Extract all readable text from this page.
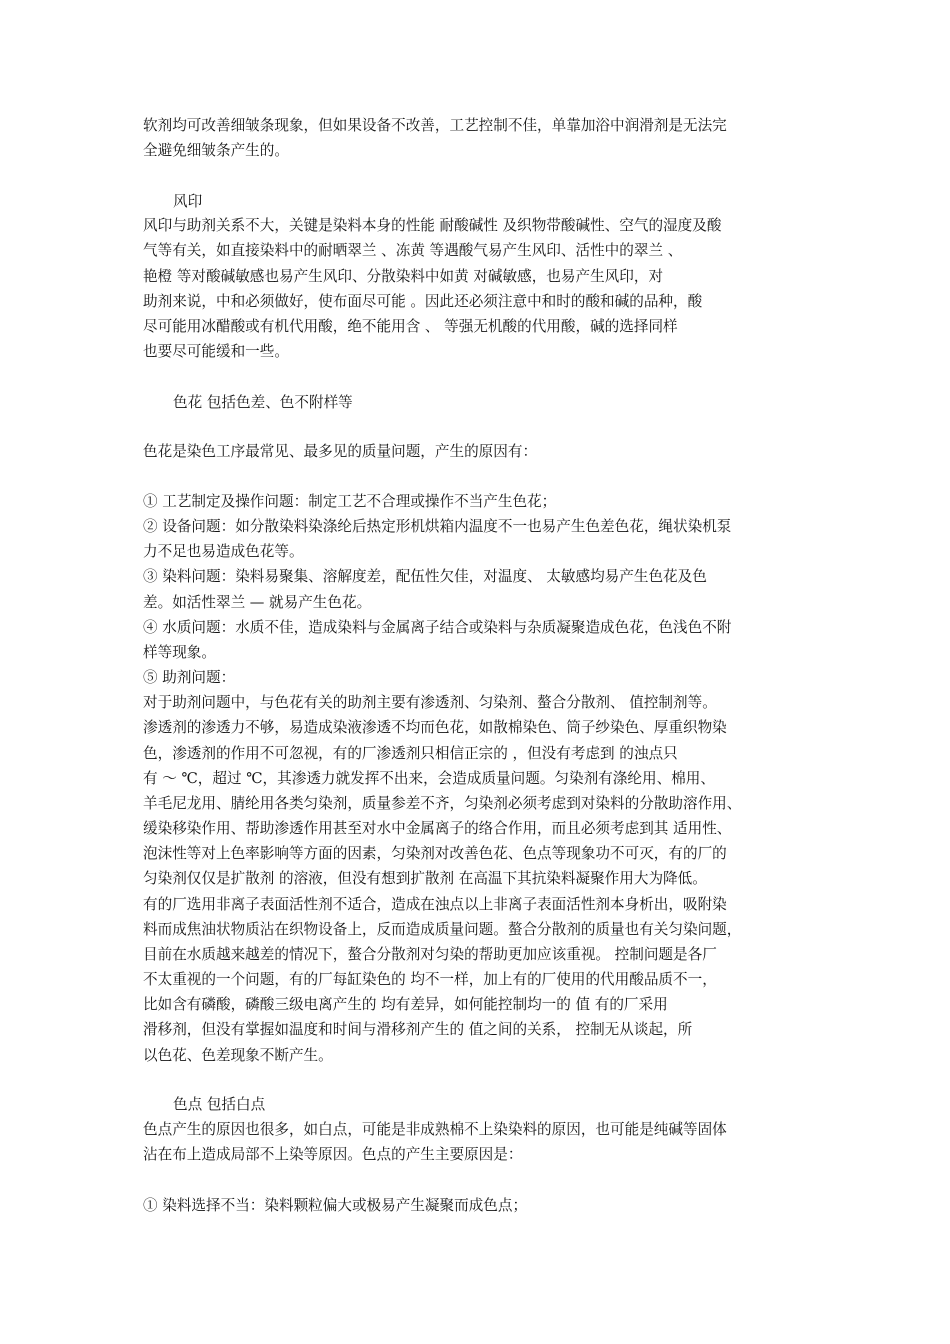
软剂均可改善细皱条现象，但如果设备不改善，工艺控制不佳，单靠加浴中润滑剂是无法完
全避免细皱条产生的。
风印
风印与助剂关系不大，关键是染料本身的性能 耐酸碱性 及织物带酸碱性、空气的湿度及酸
气等有关，如直接染料中的耐晒翠兰 、冻黄 等遇酸气易产生风印、活性中的翠兰 、
艳橙 等对酸碱敏感也易产生风印、分散染料中如黄 对碱敏感，也易产生风印，对
助剂来说，中和必须做好，使布面尽可能 。因此还必须注意中和时的酸和碱的品种，酸
尽可能用冰醋酸或有机代用酸，绝不能用含 、 等强无机酸的代用酸，碱的选择同样
也要尽可能缓和一些。
色花 包括色差、色不附样等
色花是染色工序最常见、最多见的质量问题，产生的原因有：
① 工艺制定及操作问题：制定工艺不合理或操作不当产生色花；
② 设备问题：如分散染料染涤纶后热定形机烘箱内温度不一也易产生色差色花，绳状染机泵
力不足也易造成色花等。
③ 染料问题：染料易聚集、溶解度差，配伍性欠佳，对温度、 太敏感均易产生色花及色
差。如活性翠兰 — 就易产生色花。
④ 水质问题：水质不佳，造成染料与金属离子结合或染料与杂质凝聚造成色花，色浅色不附
样等现象。
⑤ 助剂问题：
对于助剂问题中，与色花有关的助剂主要有渗透剂、匀染剂、螯合分散剂、 值控制剂等。
渗透剂的渗透力不够，易造成染液渗透不均而色花，如散棉染色、筒子纱染色、厚重织物染
色，渗透剂的作用不可忽视，有的厂渗透剂只相信正宗的 ，但没有考虑到 的浊点只
有 ～ ℃，超过 ℃，其渗透力就发挥不出来，会造成质量问题。匀染剂有涤纶用、棉用、
羊毛尼龙用、腈纶用各类匀染剂，质量参差不齐，匀染剂必须考虑到对染料的分散助溶作用、
缓染移染作用、帮助渗透作用甚至对水中金属离子的络合作用，而且必须考虑到其 适用性、
泡沫性等对上色率影响等方面的因素，匀染剂对改善色花、色点等现象功不可灭，有的厂的
匀染剂仅仅是扩散剂 的溶液，但没有想到扩散剂 在高温下其抗染料凝聚作用大为降低。
有的厂选用非离子表面活性剂不适合，造成在浊点以上非离子表面活性剂本身析出，吸附染
料而成焦油状物质沾在织物设备上，反而造成质量问题。螯合分散剂的质量也有关匀染问题，
目前在水质越来越差的情况下，螯合分散剂对匀染的帮助更加应该重视。 控制问题是各厂
不太重视的一个问题，有的厂每缸染色的 均不一样，加上有的厂使用的代用酸品质不一，
比如含有磷酸，磷酸三级电离产生的 均有差异，如何能控制均一的 值 有的厂采用
滑移剂，但没有掌握如温度和时间与滑移剂产生的 值之间的关系， 控制无从谈起，所
以色花、色差现象不断产生。
色点 包括白点
色点产生的原因也很多，如白点，可能是非成熟棉不上染染料的原因，也可能是纯碱等固体
沾在布上造成局部不上染等原因。色点的产生主要原因是：
① 染料选择不当：染料颗粒偏大或极易产生凝聚而成色点；
